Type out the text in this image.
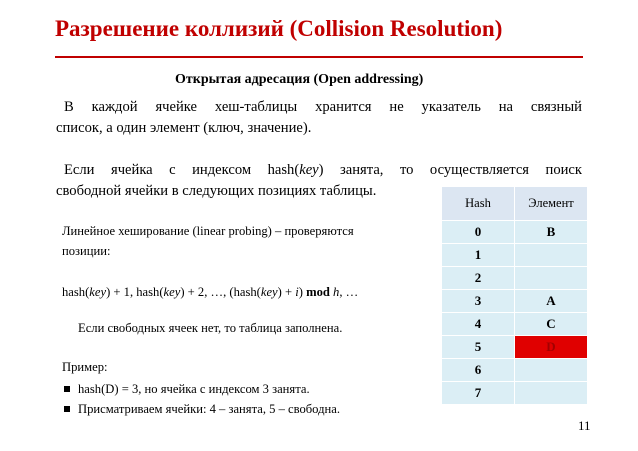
Разрешение коллизий (Collision Resolution)
Открытая адресация (Open addressing)
В каждой ячейке хеш-таблицы хранится не указатель на связный
список, а один элемент (ключ, значение).
Если ячейка с индексом hash(key) занята, то осуществляется поиск
свободной ячейки в следующих позициях таблицы.
Линейное хеширование (linear probing) – проверяются
позиции:
hash(key) + 1, hash(key) + 2, …, (hash(key) + i) mod h, …
Если свободных ячеек нет, то таблица заполнена.
Пример:
hash(D) = 3, но ячейка с индексом 3 занята.
Присматриваем ячейки: 4 – занята, 5 – свободна.
Hash	Элемент
0	B
1	
2	
3	A
4	C
5	D
6	
7	
11
